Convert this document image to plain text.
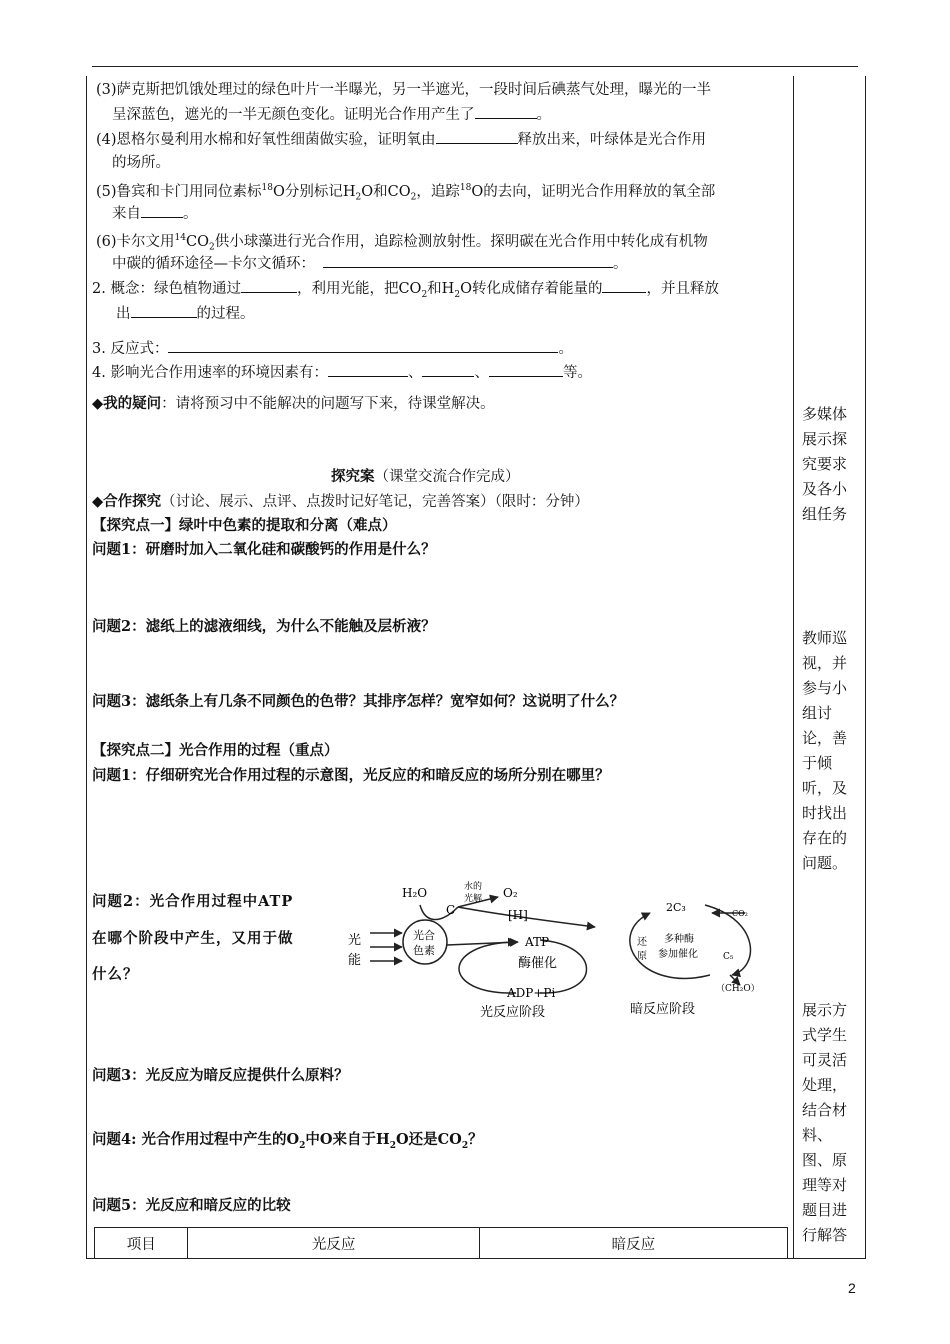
(3)萨克斯把饥饿处理过的绿色叶片一半曝光，另一半遮光，一段时间后碘蒸气处理，曝光的一半
呈深蓝色，遮光的一半无颜色变化。证明光合作用产生了	。
(4)恩格尔曼利用水棉和好氧性细菌做实验，证明氧由	释放出来，叶绿体是光合作用
的场所。
(5)鲁宾和卡门用同位素标$^{18}$O分别标记$H_2O$和$CO_2$，追踪$^{18}$O的去向，证明光合作用释放的氧全部
来自	。
(6)卡尔文用$^{14}CO_2$供小球藻进行光合作用，追踪检测放射性。探明碳在光合作用中转化成有机物
中碳的循环途径—卡尔文循环：	。
2. 概念：绿色植物通过	，利用光能，把$CO_2$和$H_2O$转化成储存着能量的	，并且释放
出	的过程。
3. 反应式：	。
4. 影响光合作用速率的环境因素有：	、	、	等。
◆我的疑问：请将预习中不能解决的问题写下来，待课堂解决。
探究案（课堂交流合作完成）
◆合作探究（讨论、展示、点评、点拨时记好笔记，完善答案）（限时：分钟）
【探究点一】绿叶中色素的提取和分离（难点）
问题1：研磨时加入二氧化硅和碳酸钙的作用是什么？
问题2：滤纸上的滤液细线，为什么不能触及层析液？
问题3：滤纸条上有几条不同颜色的色带？其排序怎样？宽窄如何？这说明了什么？
【探究点二】光合作用的过程（重点）
问题1：仔细研究光合作用过程的示意图，光反应的和暗反应的场所分别在哪里？
问题2：光合作用过程中ATP
在哪个阶段中产生，又用于做
什么？
问题3：光反应为暗反应提供什么原料？
问题4: 光合作用过程中产生的$O_2$中O来自于$H_2O$还是$CO_2$？
问题5：光反应和暗反应的比较
H₂O
C
水的
光解 O₂
[H]
光
能
光合
色素
ATP
酶催化
ADP+Pi
光反应阶段
2C₃	CO₂
还
原
多种酶
参加催化	C₅
（CH₂O）
暗反应阶段
多媒体展示探究要求及各小组任务
教师巡视，并参与小组讨论，善于倾听，及时找出存在的问题。
展示方式学生可灵活处理，结合材料、图、原理等对题目进行解答
项目	光反应	暗反应
2
